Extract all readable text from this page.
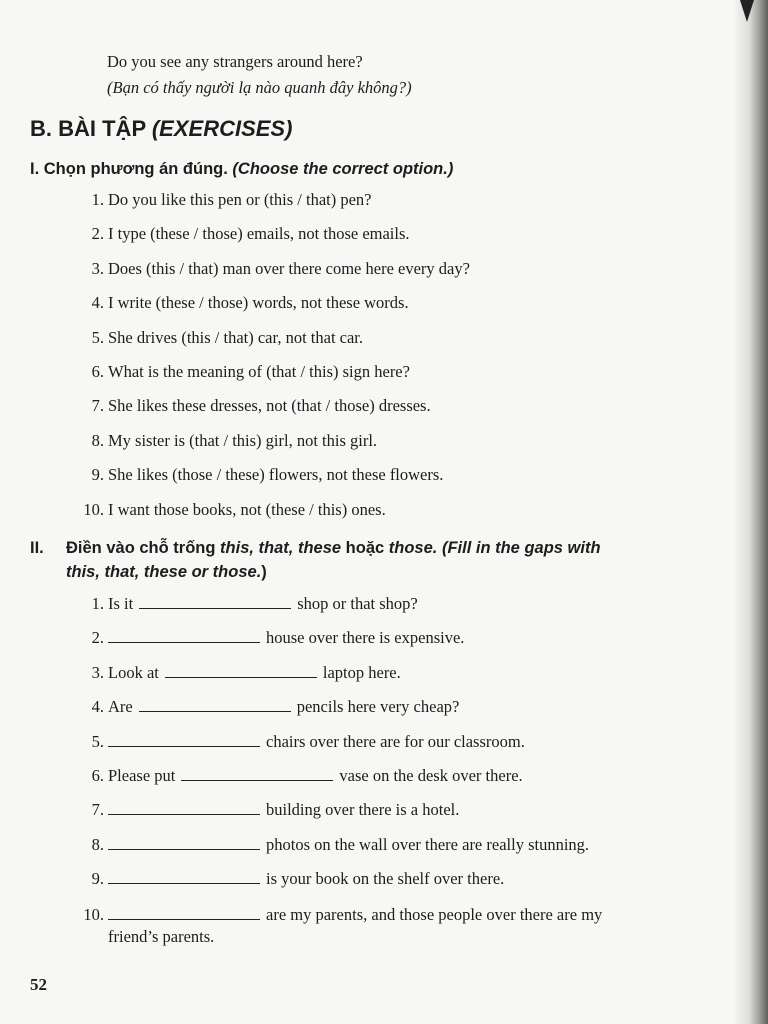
Do you see any strangers around here?
(Bạn có thấy người lạ nào quanh đây không?)
B. BÀI TẬP (EXERCISES)
I. Chọn phương án đúng. (Choose the correct option.)
1. Do you like this pen or (this / that) pen?
2. I type (these / those) emails, not those emails.
3. Does (this / that) man over there come here every day?
4. I write (these / those) words, not these words.
5. She drives (this / that) car, not that car.
6. What is the meaning of (that / this) sign here?
7. She likes these dresses, not (that / those) dresses.
8. My sister is (that / this) girl, not this girl.
9. She likes (those / these) flowers, not these flowers.
10. I want those books, not (these / this) ones.
II. Điền vào chỗ trống this, that, these hoặc those. (Fill in the gaps with
this, that, these or those.)
1. Is it	shop or that shop?
2.	house over there is expensive.
3. Look at	laptop here.
4. Are	pencils here very cheap?
5.	chairs over there are for our classroom.
6. Please put	vase on the desk over there.
7.	building over there is a hotel.
8.	photos on the wall over there are really stunning.
9.	is your book on the shelf over there.
10.	are my parents, and those people over there are my
friend’s parents.
52
